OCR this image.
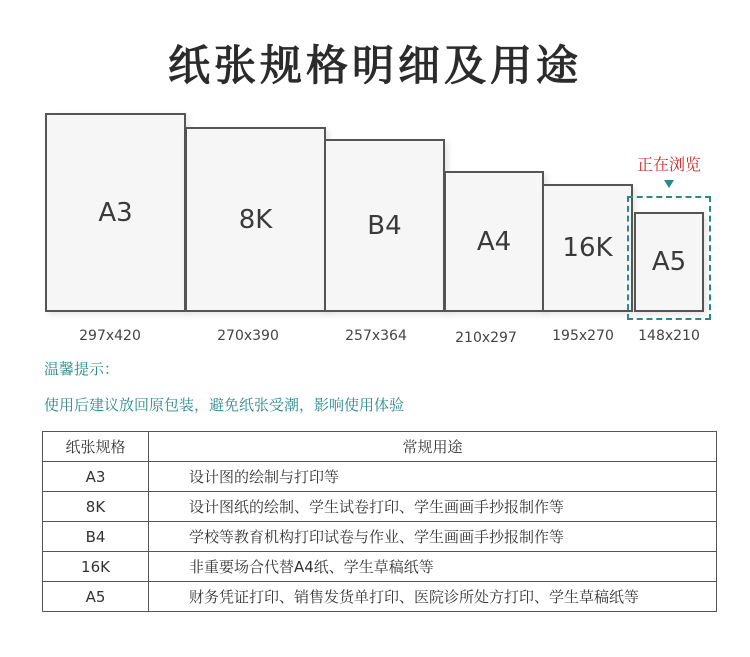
纸张规格明细及用途
A3	8K	B4
A4 16K
正在浏览
A5
297x420	270x390	257x364	210x297	195x270	148x210
温馨提示：
使用后建议放回原包装，避免纸张受潮，影响使用体验
纸张规格	常规用途
A3	设计图的绘制与打印等
8K	设计图纸的绘制、学生试卷打印、学生画画手抄报制作等
B4	学校等教育机构打印试卷与作业、学生画画手抄报制作等
16K	非重要场合代替A4纸、学生草稿纸等
A5	财务凭证打印、销售发货单打印、医院诊所处方打印、学生草稿纸等
